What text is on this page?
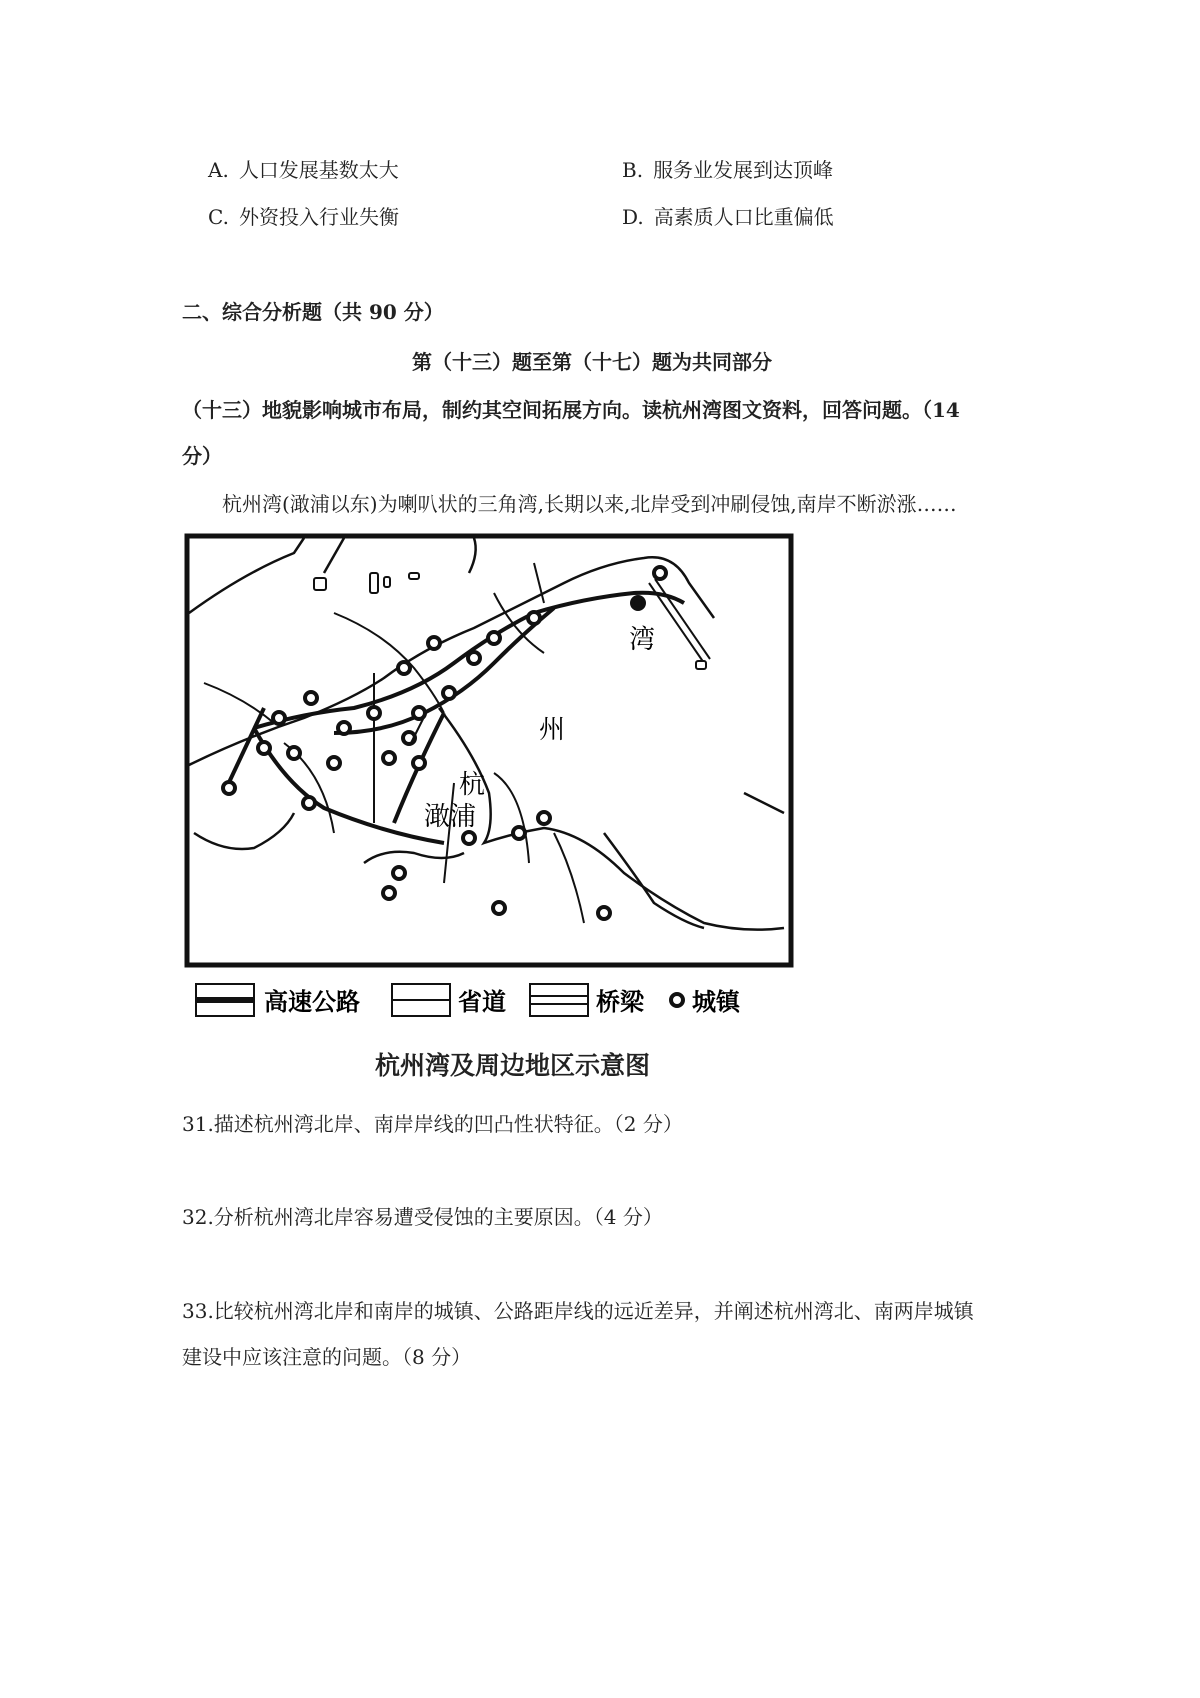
A. 人口发展基数太大	B. 服务业发展到达顶峰
C. 外资投入行业失衡	D. 高素质人口比重偏低
二、综合分析题（共 90 分）
第（十三）题至第（十七）题为共同部分
（十三）地貌影响城市布局，制约其空间拓展方向。读杭州湾图文资料，回答问题。（14
分）
杭州湾(澉浦以东)为喇叭状的三角湾,长期以来,北岸受到冲刷侵蚀,南岸不断淤涨……
湾
州
杭
澉浦
高速公路	省道	桥梁 城镇
杭州湾及周边地区示意图
31.描述杭州湾北岸、南岸岸线的凹凸性状特征。（2 分）
32.分析杭州湾北岸容易遭受侵蚀的主要原因。（4 分）
33.比较杭州湾北岸和南岸的城镇、公路距岸线的远近差异，并阐述杭州湾北、南两岸城镇
建设中应该注意的问题。（8 分）
